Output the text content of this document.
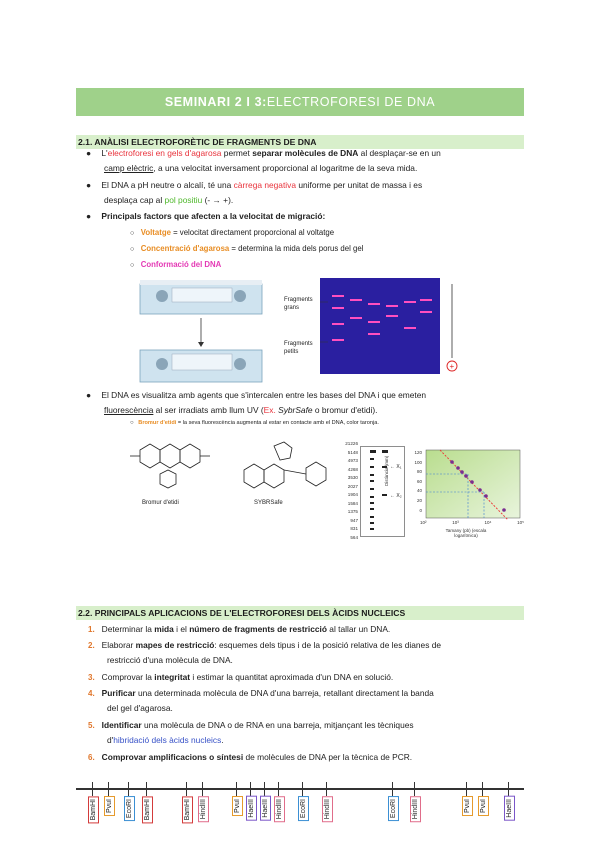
SEMINARI 2 I 3: ELECTROFORESI DE DNA
2.1. ANÀLISI ELECTROFORÈTIC DE FRAGMENTS DE DNA
● L'electroforesi en gels d'agarosa permet separar molècules de DNA al desplaçar-se en un
camp elèctric, a una velocitat inversament proporcional al logaritme de la seva mida.
● El DNA a pH neutre o alcalí, té una càrrega negativa uniforme per unitat de massa i es
desplaça cap al pol positiu (- → +).
● Principals factors que afecten a la velocitat de migració:
○ Voltatge = velocitat directament proporcional al voltatge
○ Concentració d'agarosa = determina la mida dels porus del gel
○ Conformació del DNA
Fragments grans
Fragments petits
+
● El DNA es visualitza amb agents que s'intercalen entre les bases del DNA i que emeten
fluorescència al ser irradiats amb llum UV (Ex. SybrSafe o bromur d'etidi).
○ Bromur d'etidi = la seva fluorescència augmenta al estar en contacte amb el DNA, color taronja.
Bromur d'etidi	SYBRSafe
21226
5148
4973
4268
3530
2027
1904
1584
1375
947
831
564
← X₁
← X₂
120
100
80
60
40
20
0
Distància (mm)
10²	10³	10⁴	10⁵
Tamany (pb) (escala logarítmica)
2.2. PRINCIPALS APLICACIONS DE L'ELECTROFORESI DELS ÀCIDS NUCLEICS
1. Determinar la mida i el número de fragments de restricció al tallar un DNA.
2. Elaborar mapes de restricció: esquemes dels tipus i de la posició relativa de les dianes de
restricció d'una molècula de DNA.
3. Comprovar la integritat i estimar la quantitat aproximada d'un DNA en solució.
4. Purificar una determinada molècula de DNA d'una barreja, retallant directament la banda
del gel d'agarosa.
5. Identificar una molècula de DNA o de RNA en una barreja, mitjançant les tècniques
d'hibridació dels àcids nucleics.
6. Comprovar amplificacions o síntesi de molècules de DNA per la tècnica de PCR.
BamHI PvuI EcoRI BamHI	BamHI HindIII	PvuI HaeIII HaeIII HindIII EcoRI HindIII	EcoRI HindIII	PvuI PvuI	HaeIII
